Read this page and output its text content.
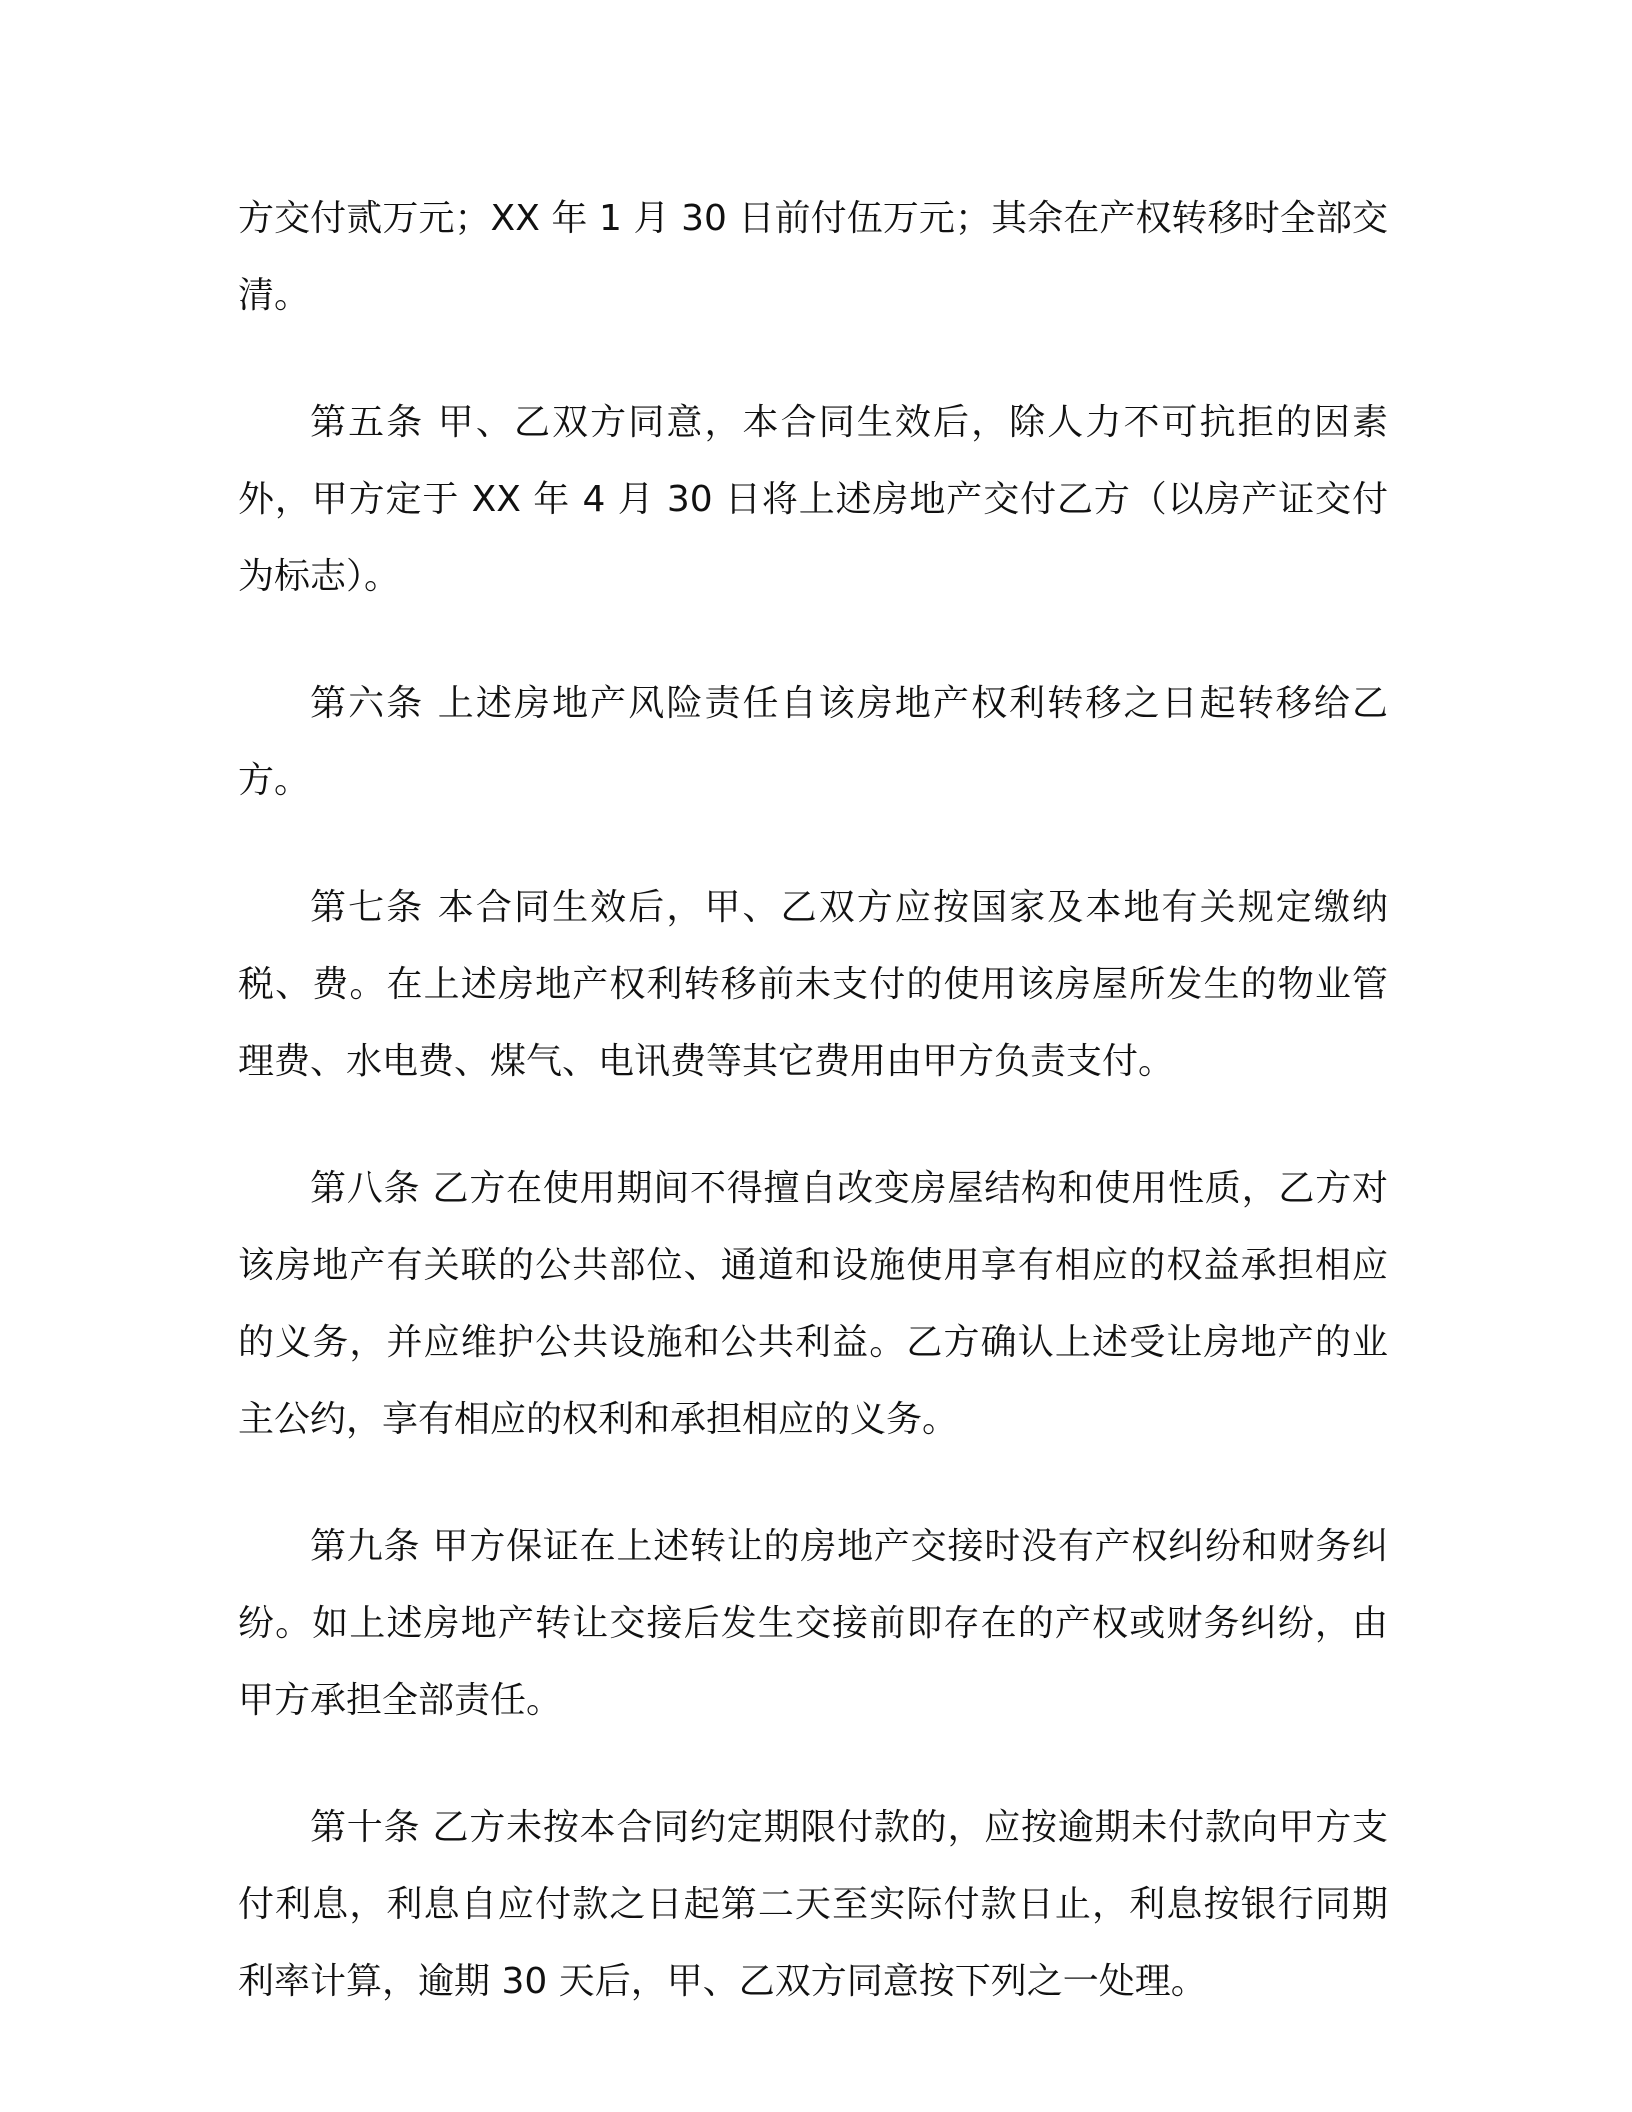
方交付贰万元；XX 年 1 月 30 日前付伍万元；其余在产权转移时全部交清。

第五条 甲、乙双方同意，本合同生效后，除人力不可抗拒的因素外，甲方定于 XX 年 4 月 30 日将上述房地产交付乙方（以房产证交付为标志）。

第六条 上述房地产风险责任自该房地产权利转移之日起转移给乙方。

第七条 本合同生效后，甲、乙双方应按国家及本地有关规定缴纳税、费。在上述房地产权利转移前未支付的使用该房屋所发生的物业管理费、水电费、煤气、电讯费等其它费用由甲方负责支付。

第八条 乙方在使用期间不得擅自改变房屋结构和使用性质，乙方对该房地产有关联的公共部位、通道和设施使用享有相应的权益承担相应的义务，并应维护公共设施和公共利益。乙方确认上述受让房地产的业主公约，享有相应的权利和承担相应的义务。

第九条 甲方保证在上述转让的房地产交接时没有产权纠纷和财务纠纷。如上述房地产转让交接后发生交接前即存在的产权或财务纠纷，由甲方承担全部责任。

第十条 乙方未按本合同约定期限付款的，应按逾期未付款向甲方支付利息，利息自应付款之日起第二天至实际付款日止，利息按银行同期利率计算，逾期 30 天后，甲、乙双方同意按下列之一处理。
